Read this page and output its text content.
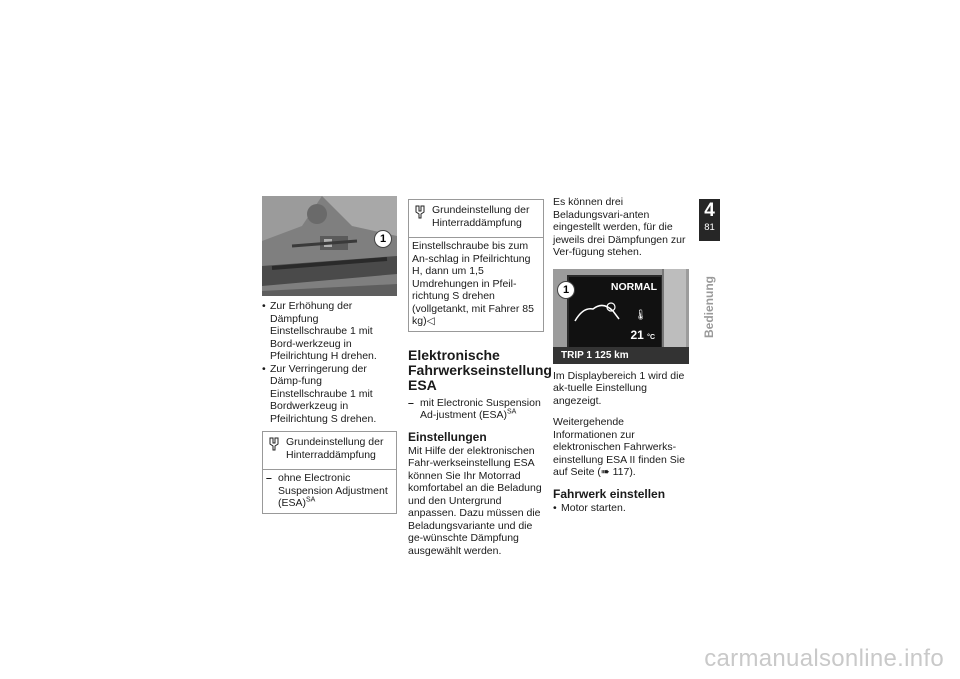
1
• Zur Erhöhung der Dämpfung Einstellschraube 1 mit Bord-werkzeug in Pfeilrichtung H drehen.
• Zur Verringerung der Dämp-fung Einstellschraube 1 mit Bordwerkzeug in Pfeilrichtung S drehen.
Grundeinstellung der Hinterraddämpfung
– ohne Electronic Suspension Adjustment (ESA)$^{SA}$
Grundeinstellung der Hinterraddämpfung
Einstellschraube bis zum An-schlag in Pfeilrichtung H, dann um 1,5 Umdrehungen in Pfeil-richtung S drehen (vollgetankt, mit Fahrer 85 kg)◁
Elektronische Fahrwerkseinstellung ESA
– mit Electronic Suspension Ad-justment (ESA)$^{SA}$
Einstellungen

Mit Hilfe der elektronischen Fahr-werkseinstellung ESA können Sie Ihr Motorrad komfortabel an die Beladung und den Untergrund anpassen. Dazu müssen die Beladungsvariante und die ge-wünschte Dämpfung ausgewählt werden.

Es können drei Beladungsvari-anten eingestellt werden, für die jeweils drei Dämpfungen zur Ver-fügung stehen.

NORMAL
🌡︎
21 °C
TRIP 1 125 km
1

Im Displaybereich 1 wird die ak-tuelle Einstellung angezeigt.

Weitergehende Informationen zur elektronischen Fahrwerks-einstellung ESA II finden Sie auf Seite (➠ 117).

Fahrwerk einstellen
• Motor starten.
4
81
Bedienung
carmanualsonline.info
